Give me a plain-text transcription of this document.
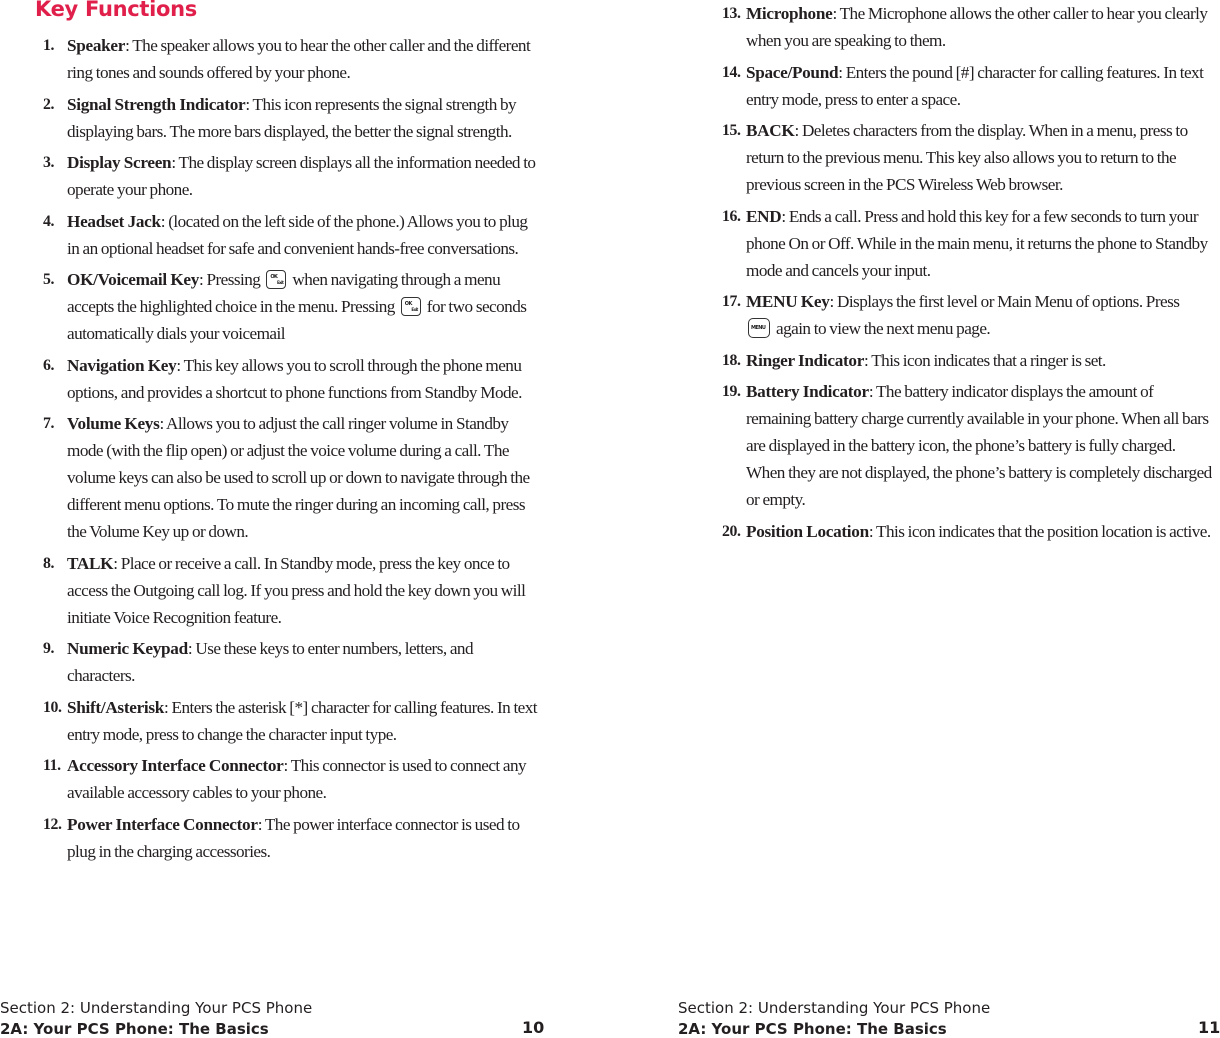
Key Functions
1. Speaker: The speaker allows you to hear the other caller and the different ring tones and sounds offered by your phone.
2. Signal Strength Indicator: This icon represents the signal strength by displaying bars. The more bars displayed, the better the signal strength.
3. Display Screen: The display screen displays all the information needed to operate your phone.
4. Headset Jack: (located on the left side of the phone.) Allows you to plug in an optional headset for safe and convenient hands-free conversations.
5. OK/Voicemail Key: Pressing OK
Exit when navigating through a menu accepts the highlighted choice in the menu. Pressing OK
Exit for two seconds automatically dials your voicemail
6. Navigation Key: This key allows you to scroll through the phone menu options, and provides a shortcut to phone functions from Standby Mode.
7. Volume Keys: Allows you to adjust the call ringer volume in Standby mode (with the flip open) or adjust the voice volume during a call. The volume keys can also be used to scroll up or down to navigate through the different menu options. To mute the ringer during an incoming call, press the Volume Key up or down.
8. TALK: Place or receive a call. In Standby mode, press the key once to access the Outgoing call log. If you press and hold the key down you will initiate Voice Recognition feature.
9. Numeric Keypad: Use these keys to enter numbers, letters, and characters.
10. Shift/Asterisk: Enters the asterisk [*] character for calling features. In text entry mode, press to change the character input type.
11. Accessory Interface Connector: This connector is used to connect any available accessory cables to your phone.
12. Power Interface Connector: The power interface connector is used to plug in the charging accessories.
Section 2: Understanding Your PCS Phone
2A: Your PCS Phone: The Basics	10
13. Microphone: The Microphone allows the other caller to hear you clearly when you are speaking to them.
14. Space/Pound: Enters the pound [#] character for calling features. In text entry mode, press to enter a space.
15. BACK: Deletes characters from the display. When in a menu, press to return to the previous menu. This key also allows you to return to the previous screen in the PCS Wireless Web browser.
16. END: Ends a call. Press and hold this key for a few seconds to turn your phone On or Off. While in the main menu, it returns the phone to Standby mode and cancels your input.
17. MENU Key: Displays the first level or Main Menu of options. Press

MENU again to view the next menu page.
18. Ringer Indicator: This icon indicates that a ringer is set.
19. Battery Indicator: The battery indicator displays the amount of remaining battery charge currently available in your phone. When all bars are displayed in the battery icon, the phone’s battery is fully charged. When they are not displayed, the phone’s battery is completely discharged or empty.
20. Position Location: This icon indicates that the position location is active.
Section 2: Understanding Your PCS Phone
2A: Your PCS Phone: The Basics	11
